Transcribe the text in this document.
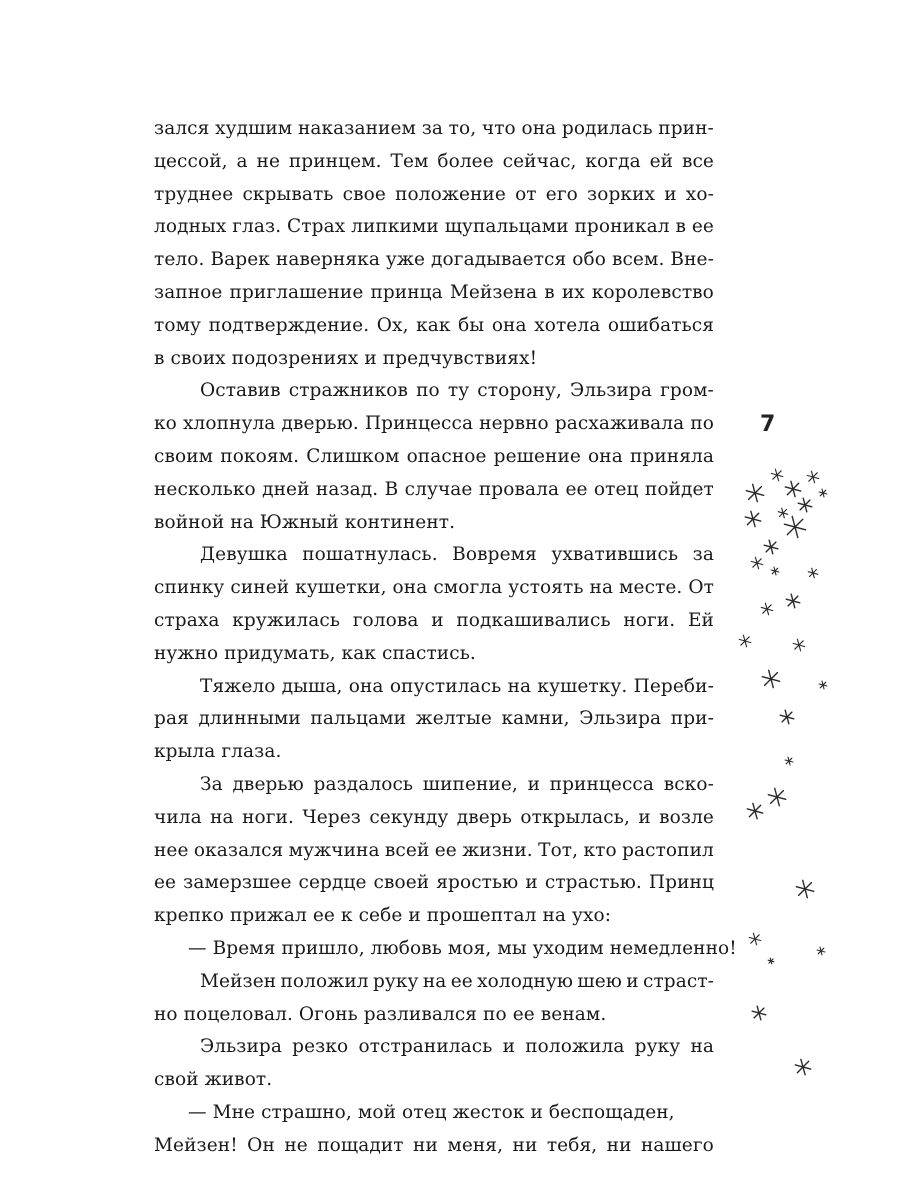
зался худшим наказанием за то, что она родилась прин-
цессой, а не принцем. Тем более сейчас, когда ей все
труднее скрывать свое положение от его зорких и хо-
лодных глаз. Страх липкими щупальцами проникал в ее
тело. Варек наверняка уже догадывается обо всем. Вне-
запное приглашение принца Мейзена в их королевство
тому подтверждение. Ох, как бы она хотела ошибаться
в своих подозрениях и предчувствиях!
Оставив стражников по ту сторону, Эльзира гром-
ко хлопнула дверью. Принцесса нервно расхаживала по
своим покоям. Слишком опасное решение она приняла
несколько дней назад. В случае провала ее отец пойдет
войной на Южный континент.
Девушка пошатнулась. Вовремя ухватившись за
спинку синей кушетки, она смогла устоять на месте. От
страха кружилась голова и подкашивались ноги. Ей
нужно придумать, как спастись.
Тяжело дыша, она опустилась на кушетку. Переби-
рая длинными пальцами желтые камни, Эльзира при-
крыла глаза.
За дверью раздалось шипение, и принцесса вско-
чила на ноги. Через секунду дверь открылась, и возле
нее оказался мужчина всей ее жизни. Тот, кто растопил
ее замерзшее сердце своей яростью и страстью. Принц
крепко прижал ее к себе и прошептал на ухо:
— Время пришло, любовь моя, мы уходим немедленно!
Мейзен положил руку на ее холодную шею и страст-
но поцеловал. Огонь разливался по ее венам.
Эльзира резко отстранилась и положила руку на
свой живот.
— Мне страшно, мой отец жесток и беспощаден,
Мейзен! Он не пощадит ни меня, ни тебя, ни нашего
7
